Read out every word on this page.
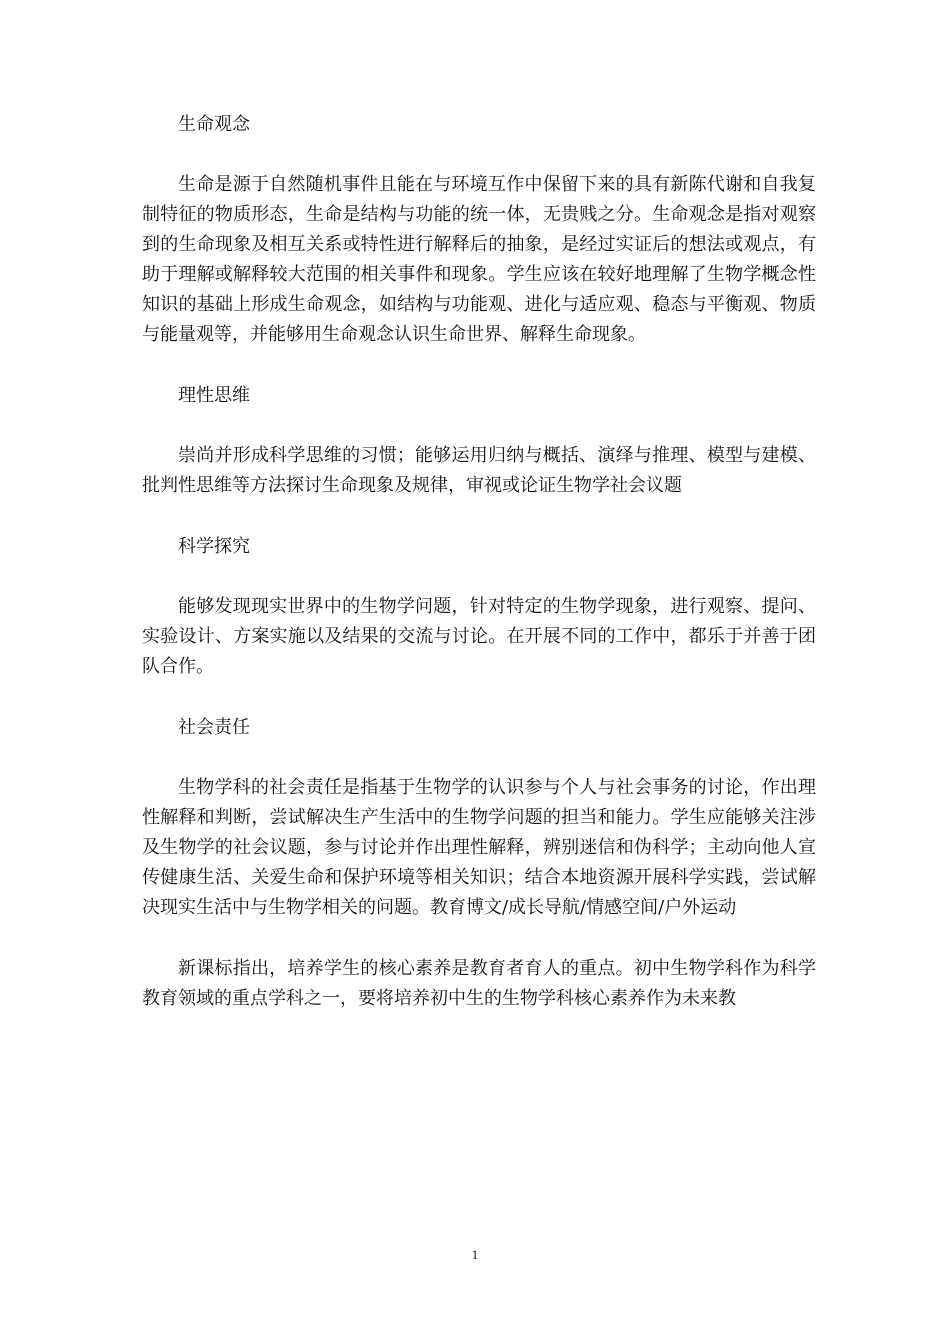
生命观念

生命是源于自然随机事件且能在与环境互作中保留下来的具有新陈代谢和自我复制特征的物质形态，生命是结构与功能的统一体，无贵贱之分。生命观念是指对观察到的生命现象及相互关系或特性进行解释后的抽象，是经过实证后的想法或观点，有助于理解或解释较大范围的相关事件和现象。学生应该在较好地理解了生物学概念性知识的基础上形成生命观念，如结构与功能观、进化与适应观、稳态与平衡观、物质与能量观等，并能够用生命观念认识生命世界、解释生命现象。

理性思维

崇尚并形成科学思维的习惯；能够运用归纳与概括、演绎与推理、模型与建模、批判性思维等方法探讨生命现象及规律，审视或论证生物学社会议题

科学探究

能够发现现实世界中的生物学问题，针对特定的生物学现象，进行观察、提问、实验设计、方案实施以及结果的交流与讨论。在开展不同的工作中，都乐于并善于团队合作。

社会责任

生物学科的社会责任是指基于生物学的认识参与个人与社会事务的讨论，作出理性解释和判断，尝试解决生产生活中的生物学问题的担当和能力。学生应能够关注涉及生物学的社会议题，参与讨论并作出理性解释，辨别迷信和伪科学；主动向他人宣传健康生活、关爱生命和保护环境等相关知识；结合本地资源开展科学实践，尝试解决现实生活中与生物学相关的问题。教育博文/成长导航/情感空间/户外运动

新课标指出，培养学生的核心素养是教育者育人的重点。初中生物学科作为科学教育领域的重点学科之一，要将培养初中生的生物学科核心素养作为未来教

1
